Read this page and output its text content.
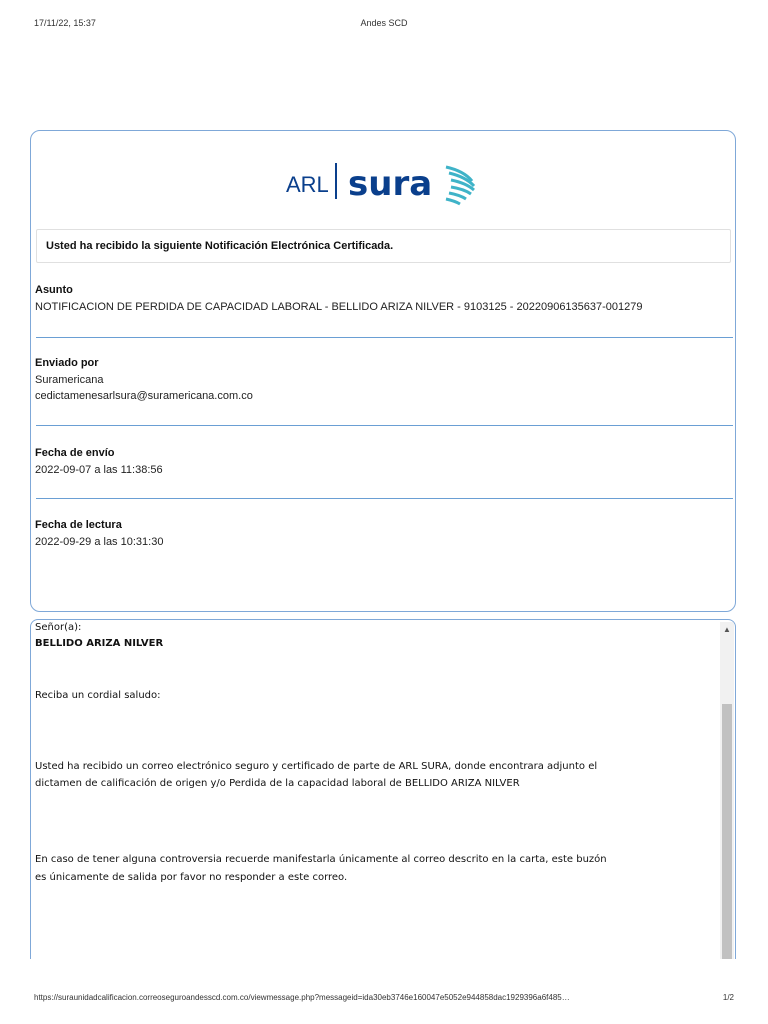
17/11/22, 15:37	Andes SCD
ARL sura
Usted ha recibido la siguiente Notificación Electrónica Certificada.
Asunto
NOTIFICACION DE PERDIDA DE CAPACIDAD LABORAL - BELLIDO ARIZA NILVER - 9103125 - 20220906135637-001279
Enviado por
Suramericana
cedictamenesarlsura@suramericana.com.co
Fecha de envío
2022-09-07 a las 11:38:56
Fecha de lectura
2022-09-29 a las 10:31:30

Señor(a):

BELLIDO ARIZA NILVER

Reciba un cordial saludo:

Usted ha recibido un correo electrónico seguro y certificado de parte de ARL SURA, donde encontrara adjunto el

dictamen de calificación de origen y/o Perdida de la capacidad laboral de BELLIDO ARIZA NILVER

En caso de tener alguna controversia recuerde manifestarla únicamente al correo descrito en la carta, este buzón

es únicamente de salida por favor no responder a este correo.

▲
https://suraunidadcalificacion.correoseguroandesscd.com.co/viewmessage.php?messageid=ida30eb3746e160047e5052e944858dac1929396a6f485…	1/2
